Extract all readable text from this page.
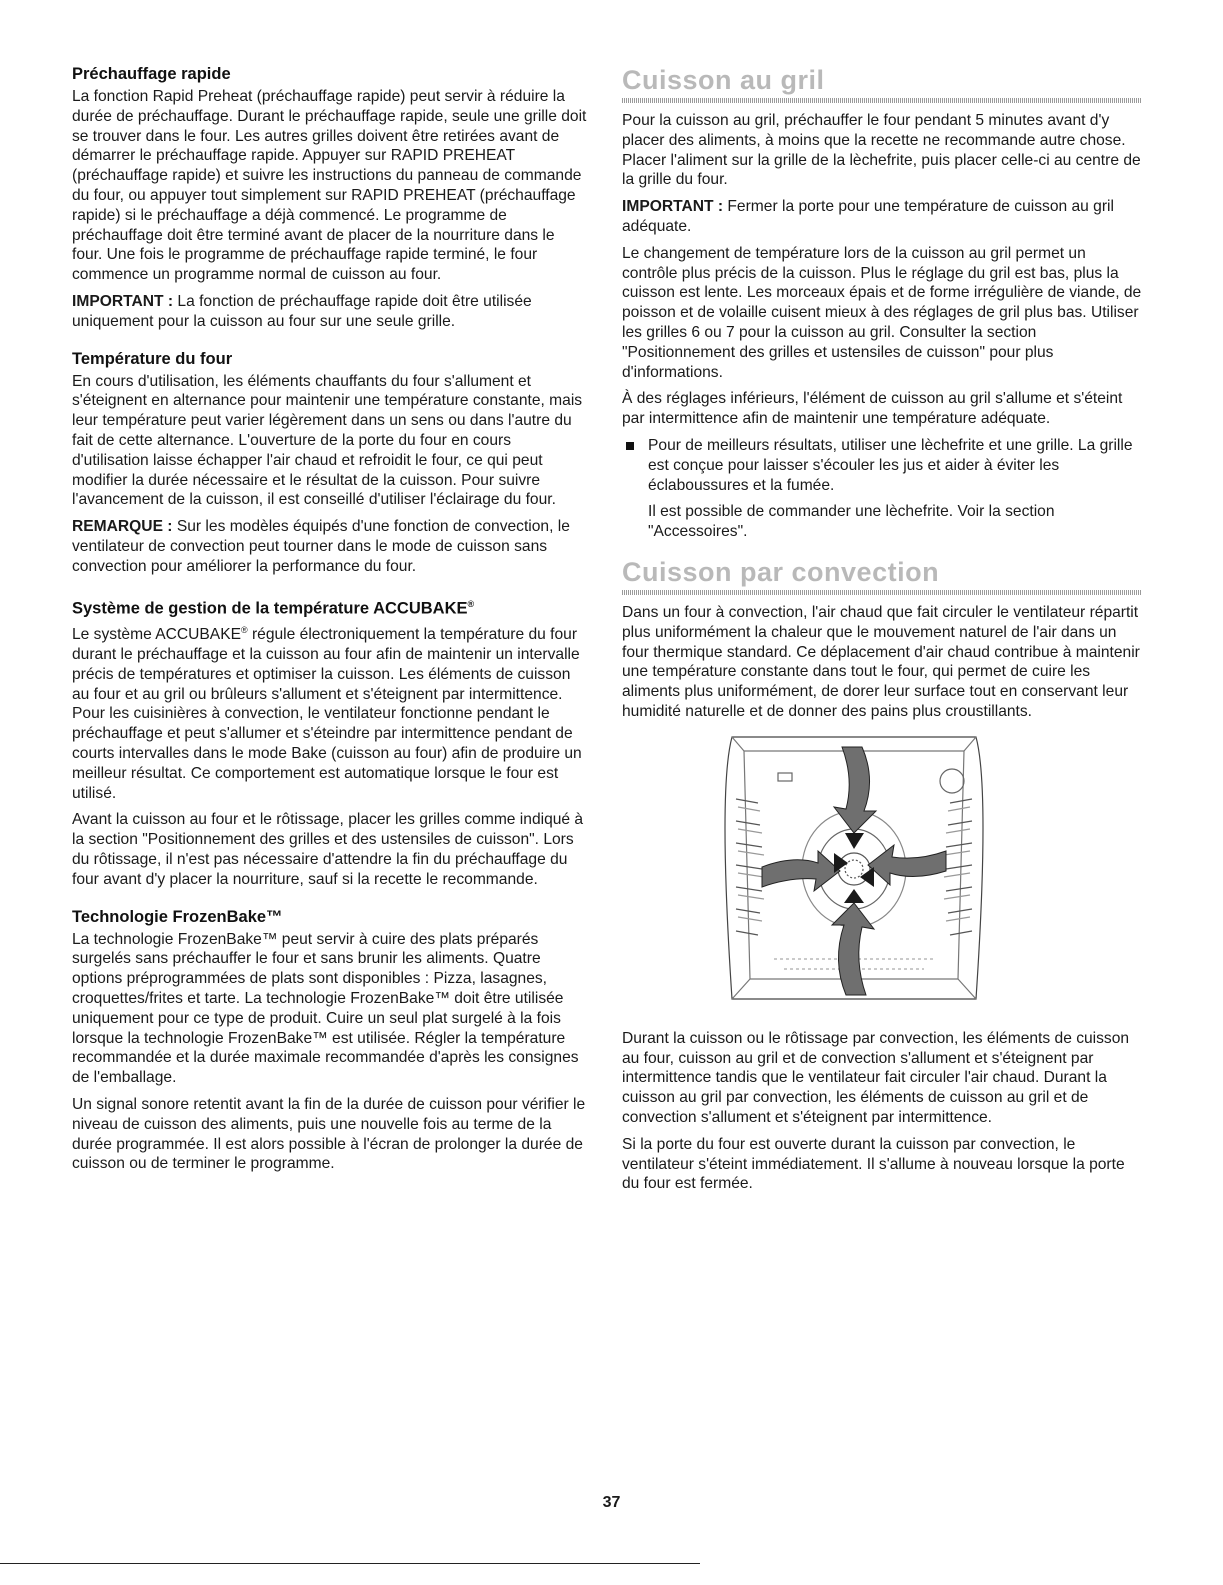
Préchauffage rapide

La fonction Rapid Preheat (préchauffage rapide) peut servir à réduire la durée de préchauffage. Durant le préchauffage rapide, seule une grille doit se trouver dans le four. Les autres grilles doivent être retirées avant de démarrer le préchauffage rapide. Appuyer sur RAPID PREHEAT (préchauffage rapide) et suivre les instructions du panneau de commande du four, ou appuyer tout simplement sur RAPID PREHEAT (préchauffage rapide) si le préchauffage a déjà commencé. Le programme de préchauffage doit être terminé avant de placer de la nourriture dans le four. Une fois le programme de préchauffage rapide terminé, le four commence un programme normal de cuisson au four.

IMPORTANT : La fonction de préchauffage rapide doit être utilisée uniquement pour la cuisson au four sur une seule grille.

Température du four

En cours d'utilisation, les éléments chauffants du four s'allument et s'éteignent en alternance pour maintenir une température constante, mais leur température peut varier légèrement dans un sens ou dans l'autre du fait de cette alternance. L'ouverture de la porte du four en cours d'utilisation laisse échapper l'air chaud et refroidit le four, ce qui peut modifier la durée nécessaire et le résultat de la cuisson. Pour suivre l'avancement de la cuisson, il est conseillé d'utiliser l'éclairage du four.

REMARQUE : Sur les modèles équipés d'une fonction de convection, le ventilateur de convection peut tourner dans le mode de cuisson sans convection pour améliorer la performance du four.

Système de gestion de la température ACCUBAKE®

Le système ACCUBAKE® régule électroniquement la température du four durant le préchauffage et la cuisson au four afin de maintenir un intervalle précis de températures et optimiser la cuisson. Les éléments de cuisson au four et au gril ou brûleurs s'allument et s'éteignent par intermittence. Pour les cuisinières à convection, le ventilateur fonctionne pendant le préchauffage et peut s'allumer et s'éteindre par intermittence pendant de courts intervalles dans le mode Bake (cuisson au four) afin de produire un meilleur résultat. Ce comportement est automatique lorsque le four est utilisé.

Avant la cuisson au four et le rôtissage, placer les grilles comme indiqué à la section "Positionnement des grilles et des ustensiles de cuisson". Lors du rôtissage, il n'est pas nécessaire d'attendre la fin du préchauffage du four avant d'y placer la nourriture, sauf si la recette le recommande.

Technologie FrozenBake™

La technologie FrozenBake™ peut servir à cuire des plats préparés surgelés sans préchauffer le four et sans brunir les aliments. Quatre options préprogrammées de plats sont disponibles : Pizza, lasagnes, croquettes/frites et tarte. La technologie FrozenBake™ doit être utilisée uniquement pour ce type de produit. Cuire un seul plat surgelé à la fois lorsque la technologie FrozenBake™ est utilisée. Régler la température recommandée et la durée maximale recommandée d'après les consignes de l'emballage.

Un signal sonore retentit avant la fin de la durée de cuisson pour vérifier le niveau de cuisson des aliments, puis une nouvelle fois au terme de la durée programmée. Il est alors possible à l'écran de prolonger la durée de cuisson ou de terminer le programme.

Cuisson au gril

Pour la cuisson au gril, préchauffer le four pendant 5 minutes avant d'y placer des aliments, à moins que la recette ne recommande autre chose. Placer l'aliment sur la grille de la lèchefrite, puis placer celle-ci au centre de la grille du four.

IMPORTANT : Fermer la porte pour une température de cuisson au gril adéquate.

Le changement de température lors de la cuisson au gril permet un contrôle plus précis de la cuisson. Plus le réglage du gril est bas, plus la cuisson est lente. Les morceaux épais et de forme irrégulière de viande, de poisson et de volaille cuisent mieux à des réglages de gril plus bas. Utiliser les grilles 6 ou 7 pour la cuisson au gril. Consulter la section "Positionnement des grilles et ustensiles de cuisson" pour plus d'informations.

À des réglages inférieurs, l'élément de cuisson au gril s'allume et s'éteint par intermittence afin de maintenir une température adéquate.

Pour de meilleurs résultats, utiliser une lèchefrite et une grille. La grille est conçue pour laisser s'écouler les jus et aider à éviter les éclaboussures et la fumée.

Il est possible de commander une lèchefrite. Voir la section "Accessoires".

Cuisson par convection

Dans un four à convection, l'air chaud que fait circuler le ventilateur répartit plus uniformément la chaleur que le mouvement naturel de l'air dans un four thermique standard. Ce déplacement d'air chaud contribue à maintenir une température constante dans tout le four, qui permet de cuire les aliments plus uniformément, de dorer leur surface tout en conservant leur humidité naturelle et de donner des pains plus croustillants.

Durant la cuisson ou le rôtissage par convection, les éléments de cuisson au four, cuisson au gril et de convection s'allument et s'éteignent par intermittence tandis que le ventilateur fait circuler l'air chaud. Durant la cuisson au gril par convection, les éléments de cuisson au gril et de convection s'allument et s'éteignent par intermittence.

Si la porte du four est ouverte durant la cuisson par convection, le ventilateur s'éteint immédiatement. Il s'allume à nouveau lorsque la porte du four est fermée.

37
